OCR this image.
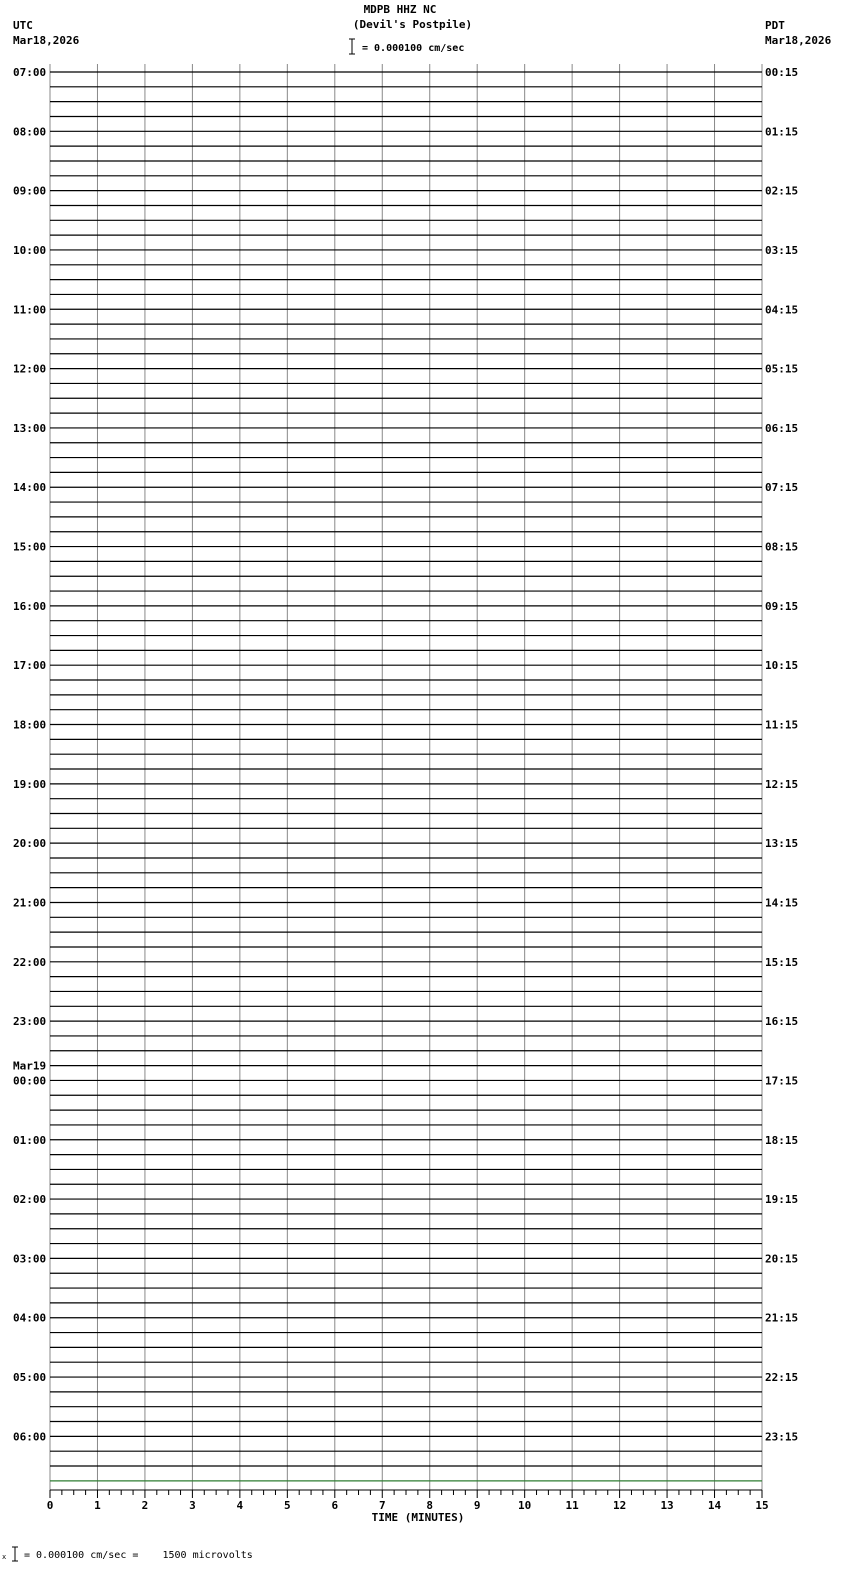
MDPB HHZ NC
(Devil's Postpile)
= 0.000100 cm/sec
UTC
Mar18,2026
PDT
Mar18,2026
= 0.000100 cm/sec =    1500 microvolts
x
07:00
08:00
09:00
10:00
11:00
12:00
13:00
14:00
15:00
16:00
17:00
18:00
19:00
20:00
21:00
22:00
23:00
00:00
Mar19
01:00
02:00
03:00
04:00
05:00
06:00
00:15
01:15
02:15
03:15
04:15
05:15
06:15
07:15
08:15
09:15
10:15
11:15
12:15
13:15
14:15
15:15
16:15
17:15
18:15
19:15
20:15
21:15
22:15
23:15
0	1	2	3	4	5	6	7	8	9	10	11	12	13	14	15
TIME (MINUTES)
